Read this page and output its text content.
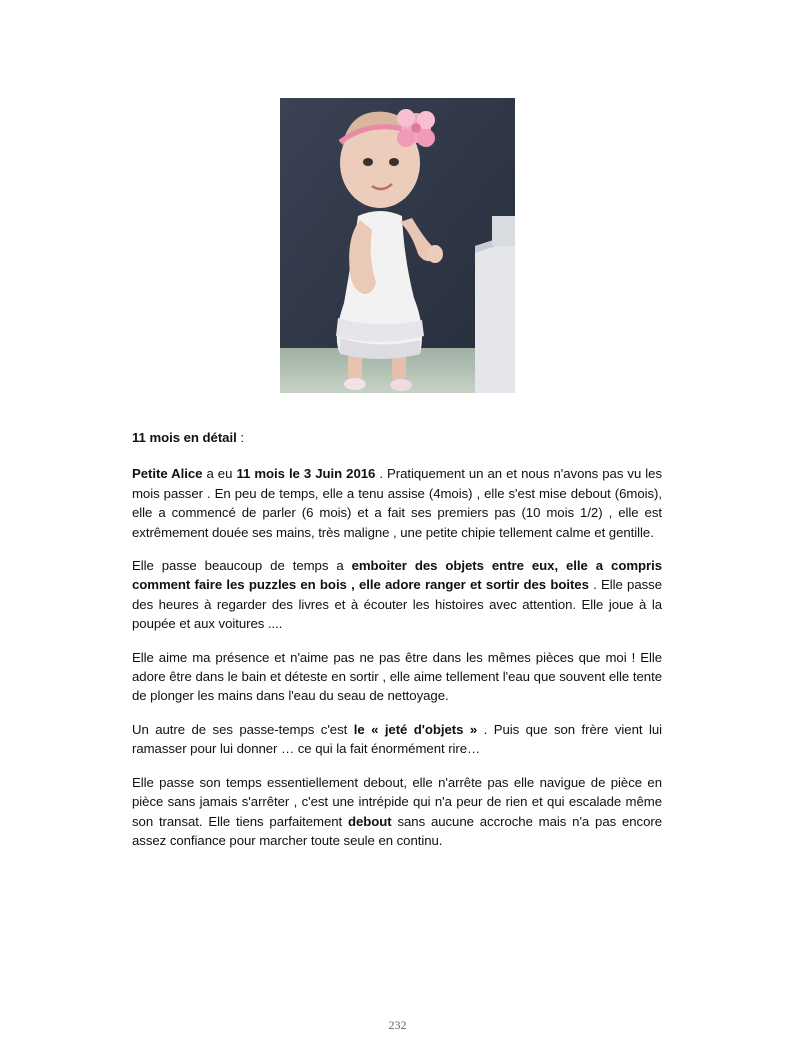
11 mois en détail :

Petite Alice a eu 11 mois le 3 Juin 2016 . Pratiquement un an et nous n'avons pas vu les mois passer . En peu de temps, elle a tenu assise (4mois) , elle s'est mise debout (6mois), elle a commencé de parler (6 mois) et a fait ses premiers pas (10 mois 1/2) , elle est extrêmement douée ses mains, très maligne , une petite chipie tellement calme et gentille.

Elle passe beaucoup de temps a emboiter des objets entre eux, elle a compris comment faire les puzzles en bois , elle adore ranger et sortir des boites . Elle passe des heures à regarder des livres et à écouter les histoires avec attention. Elle joue à la poupée et aux voitures ....

Elle aime ma présence et n'aime pas ne pas être dans les mêmes pièces que moi ! Elle adore être dans le bain et déteste en sortir , elle aime tellement l'eau que souvent elle tente de plonger les mains dans l'eau du seau de nettoyage.

Un autre de ses passe-temps c'est le « jeté d'objets » . Puis que son frère vient lui ramasser pour lui donner … ce qui la fait énormément rire…

Elle passe son temps essentiellement debout, elle n'arrête pas elle navigue de pièce en pièce sans jamais s'arrêter , c'est une intrépide qui n'a peur de rien et qui escalade même son transat. Elle tiens parfaitement debout sans aucune accroche mais n'a pas encore assez confiance pour marcher toute seule en continu.

232
